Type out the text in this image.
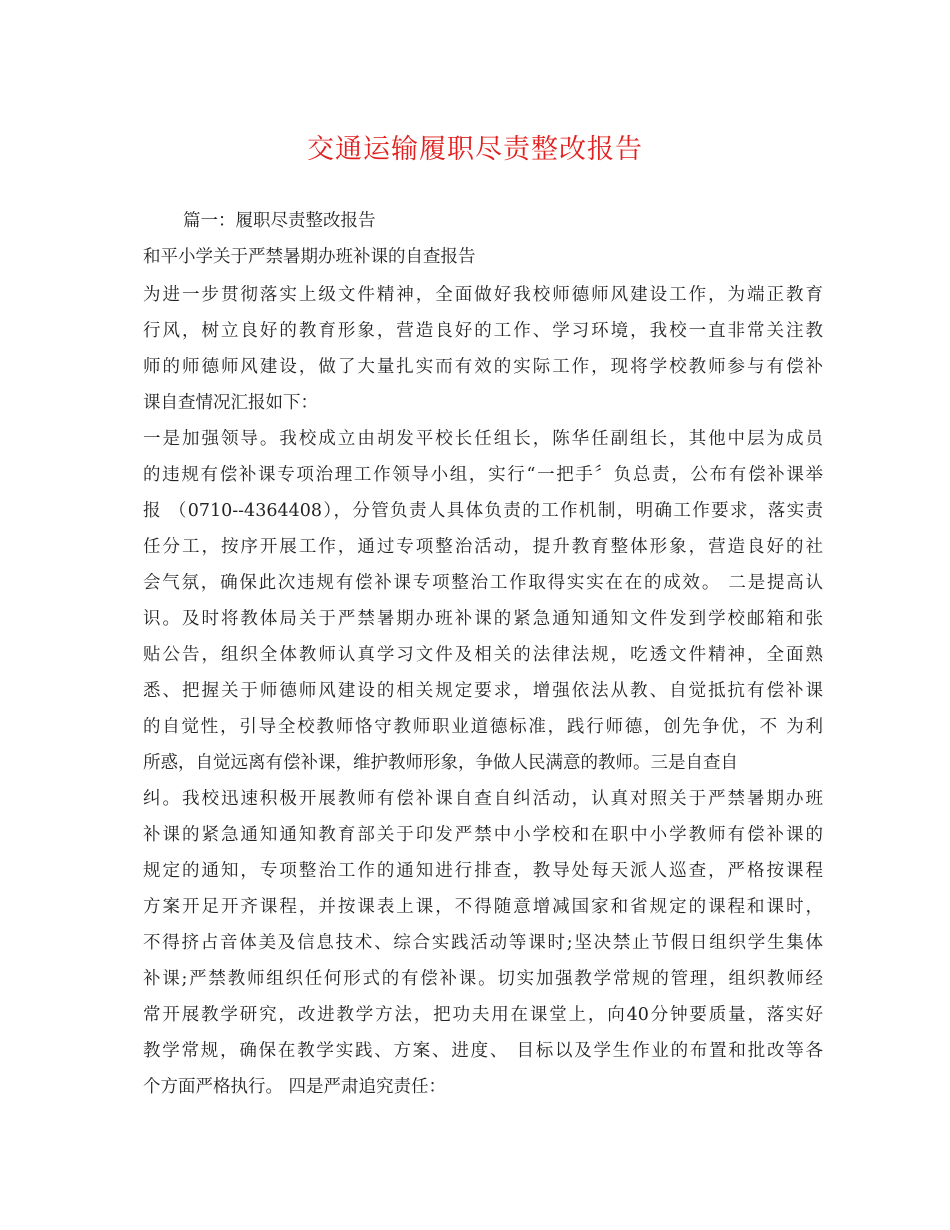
交通运输履职尽责整改报告

篇一：履职尽责整改报告

和平小学关于严禁暑期办班补课的自查报告

为进一步贯彻落实上级文件精神，全面做好我校师德师风建设工作，为端正教育

行风，树立良好的教育形象，营造良好的工作、学习环境，我校一直非常关注教

师的师德师风建设，做了大量扎实而有效的实际工作，现将学校教师参与有偿补

课自查情况汇报如下：

一是加强领导。我校成立由胡发平校长任组长，陈华任副组长，其他中层为成员

的违规有偿补课专项治理工作领导小组，实行“一把手〞负总责，公布有偿补课举

报 （0710--4364408），分管负责人具体负责的工作机制，明确工作要求，落实责

任分工，按序开展工作，通过专项整治活动，提升教育整体形象，营造良好的社

会气氛，确保此次违规有偿补课专项整治工作取得实实在在的成效。 二是提高认

识。及时将教体局关于严禁暑期办班补课的紧急通知通知文件发到学校邮箱和张

贴公告，组织全体教师认真学习文件及相关的法律法规，吃透文件精神，全面熟

悉、把握关于师德师风建设的相关规定要求，增强依法从教、自觉抵抗有偿补课

的自觉性，引导全校教师恪守教师职业道德标准，践行师德，创先争优，不 为利

所惑，自觉远离有偿补课，维护教师形象，争做人民满意的教师。三是自查自

纠。我校迅速积极开展教师有偿补课自查自纠活动，认真对照关于严禁暑期办班

补课的紧急通知通知教育部关于印发严禁中小学校和在职中小学教师有偿补课的

规定的通知，专项整治工作的通知进行排查，教导处每天派人巡查，严格按课程

方案开足开齐课程，并按课表上课，不得随意增减国家和省规定的课程和课时，

不得挤占音体美及信息技术、综合实践活动等课时;坚决禁止节假日组织学生集体

补课;严禁教师组织任何形式的有偿补课。切实加强教学常规的管理，组织教师经

常开展教学研究，改进教学方法，把功夫用在课堂上，向40分钟要质量，落实好

教学常规，确保在教学实践、方案、进度、 目标以及学生作业的布置和批改等各

个方面严格执行。 四是严肃追究责任：
